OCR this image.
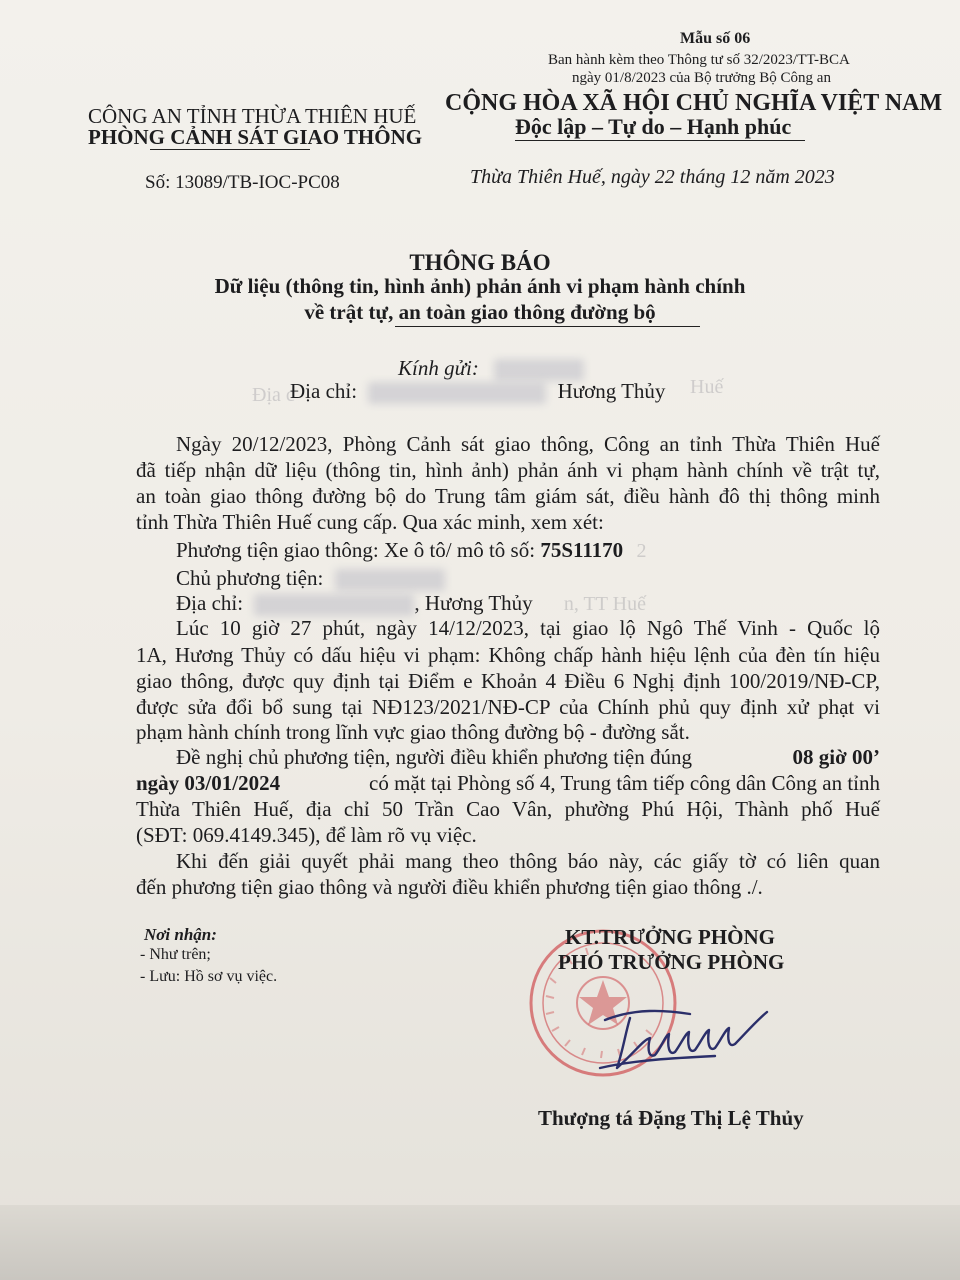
Mẫu số 06
Ban hành kèm theo Thông tư số 32/2023/TT-BCA
ngày 01/8/2023 của Bộ trưởng Bộ Công an
CÔNG AN TỈNH THỪA THIÊN HUẾ
PHÒNG CẢNH SÁT GIAO THÔNG
CỘNG HÒA XÃ HỘI CHỦ NGHĨA VIỆT NAM
Độc lập – Tự do – Hạnh phúc
Số: 13089/TB-IOC-PC08	Thừa Thiên Huế, ngày 22 tháng 12 năm 2023
THÔNG BÁO
Dữ liệu (thông tin, hình ảnh) phản ánh vi phạm hành chính
về trật tự, an toàn giao thông đường bộ
Kính gửi:
Địa c	Huế
Địa chỉ:	Hương Thủy
Ngày 20/12/2023, Phòng Cảnh sát giao thông, Công an tỉnh Thừa Thiên Huế
đã tiếp nhận dữ liệu (thông tin, hình ảnh) phản ánh vi phạm hành chính về trật tự,
an toàn giao thông đường bộ do Trung tâm giám sát, điều hành đô thị thông minh
tỉnh Thừa Thiên Huế cung cấp. Qua xác minh, xem xét:
Phương tiện giao thông: Xe ô tô/ mô tô số: 75S11170 2
Chủ phương tiện:
Địa chỉ:	, Hương Thủy n, TT Huế
Lúc 10 giờ 27 phút, ngày 14/12/2023, tại giao lộ Ngô Thế Vinh - Quốc lộ
1A, Hương Thủy có dấu hiệu vi phạm: Không chấp hành hiệu lệnh của đèn tín hiệu
giao thông, được quy định tại Điểm e Khoản 4 Điều 6 Nghị định 100/2019/NĐ-CP,
được sửa đổi bổ sung tại NĐ123/2021/NĐ-CP của Chính phủ quy định xử phạt vi
phạm hành chính trong lĩnh vực giao thông đường bộ - đường sắt.
Đề nghị chủ phương tiện, người điều khiển phương tiện đúng	08 giờ 00’
ngày 03/01/2024	có mặt tại Phòng số 4, Trung tâm tiếp công dân Công an tỉnh
Thừa Thiên Huế, địa chỉ 50 Trần Cao Vân, phường Phú Hội, Thành phố Huế
(SĐT: 069.4149.345), để làm rõ vụ việc.
Khi đến giải quyết phải mang theo thông báo này, các giấy tờ có liên quan
đến phương tiện giao thông và người điều khiển phương tiện giao thông ./.
Nơi nhận:
- Như trên;
- Lưu: Hồ sơ vụ việc.
KT.TRƯỞNG PHÒNG
PHÓ TRƯỞNG PHÒNG
Thượng tá Đặng Thị Lệ Thủy
